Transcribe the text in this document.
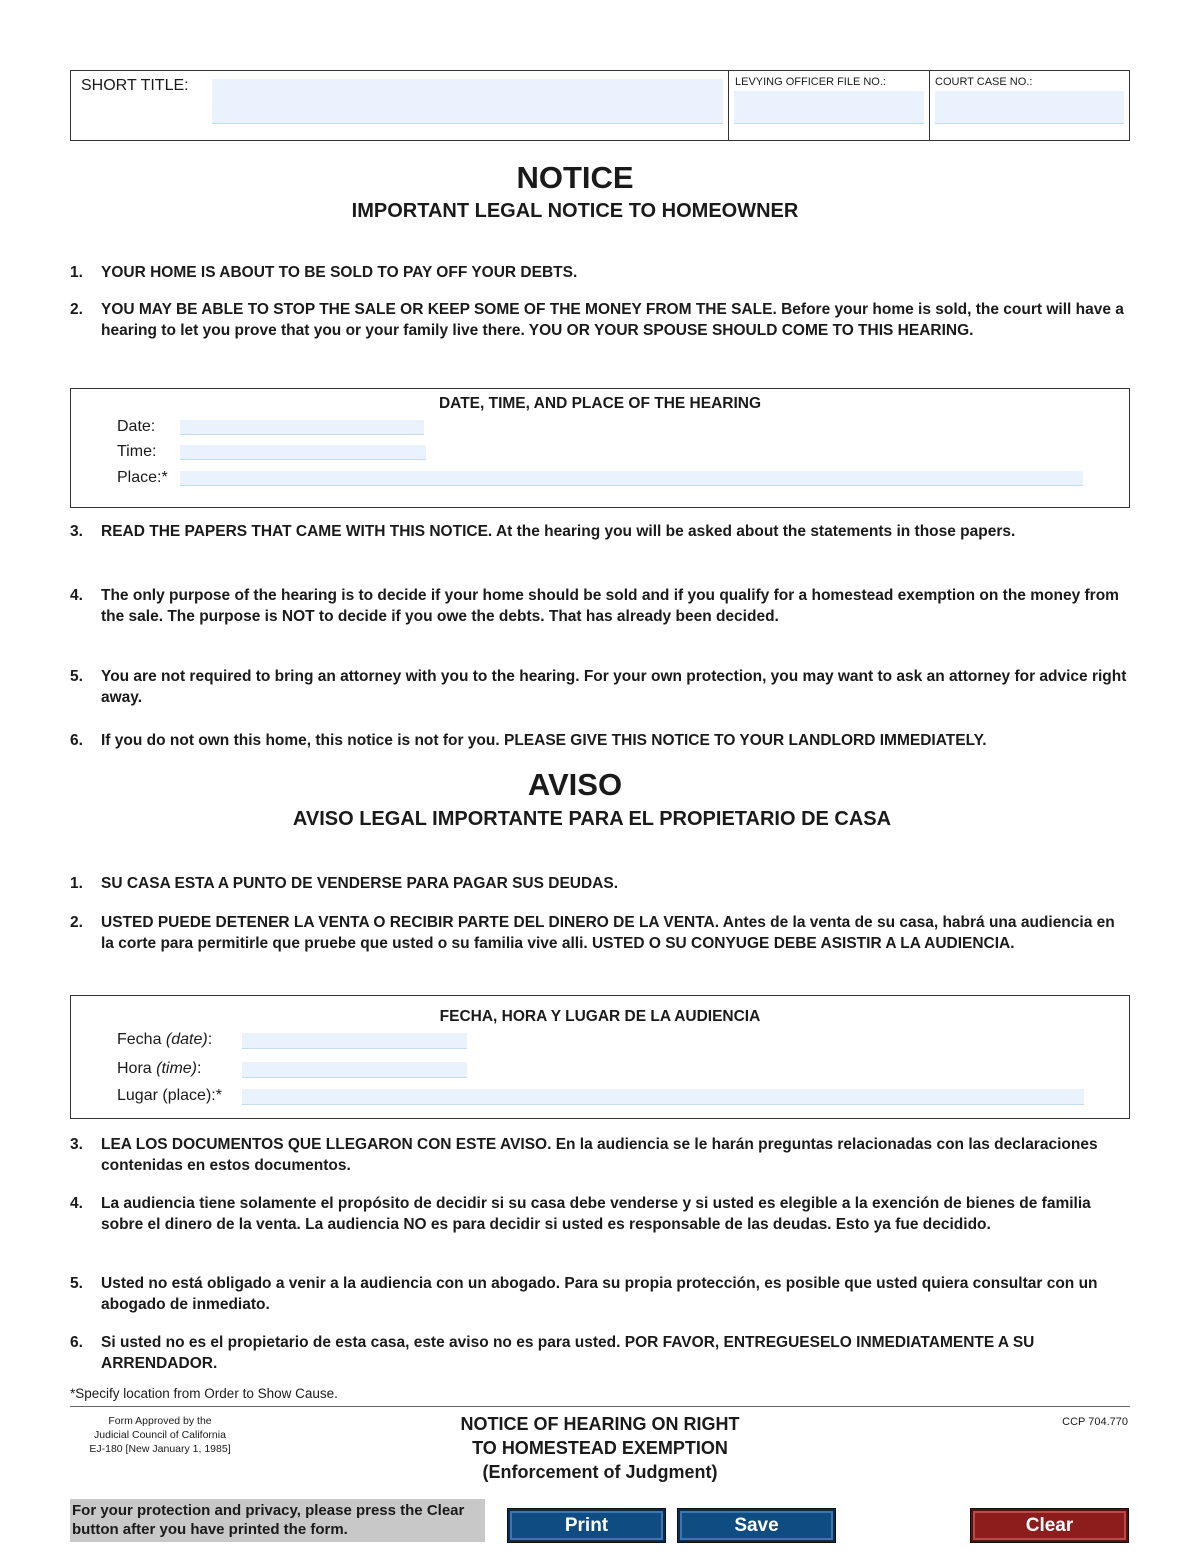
SHORT TITLE:	LEVYING OFFICER FILE NO.:	COURT CASE NO.:
NOTICE
IMPORTANT LEGAL NOTICE TO HOMEOWNER
1.	YOUR HOME IS ABOUT TO BE SOLD TO PAY OFF YOUR DEBTS.
2.	YOU MAY BE ABLE TO STOP THE SALE OR KEEP SOME OF THE MONEY FROM THE SALE. Before your home is sold, the court will have a hearing to let you prove that you or your family live there. YOU OR YOUR SPOUSE SHOULD COME TO THIS HEARING.
DATE, TIME, AND PLACE OF THE HEARING
Date:
Time:
Place:*
3.	READ THE PAPERS THAT CAME WITH THIS NOTICE. At the hearing you will be asked about the statements in those papers.
4.	The only purpose of the hearing is to decide if your home should be sold and if you qualify for a homestead exemption on the money from the sale. The purpose is NOT to decide if you owe the debts. That has already been decided.
5.	You are not required to bring an attorney with you to the hearing. For your own protection, you may want to ask an attorney for advice right away.
6.	If you do not own this home, this notice is not for you. PLEASE GIVE THIS NOTICE TO YOUR LANDLORD IMMEDIATELY.
AVISO
AVISO LEGAL IMPORTANTE PARA EL PROPIETARIO DE CASA
1.	SU CASA ESTA A PUNTO DE VENDERSE PARA PAGAR SUS DEUDAS.
2.	USTED PUEDE DETENER LA VENTA O RECIBIR PARTE DEL DINERO DE LA VENTA. Antes de la venta de su casa, habrá una audiencia en la corte para permitirle que pruebe que usted o su familia vive alli. USTED O SU CONYUGE DEBE ASISTIR A LA AUDIENCIA.
FECHA, HORA Y LUGAR DE LA AUDIENCIA
Fecha (date):
Hora (time):
Lugar (place):*
3.	LEA LOS DOCUMENTOS QUE LLEGARON CON ESTE AVISO. En la audiencia se le harán preguntas relacionadas con las declaraciones contenidas en estos documentos.
4.	La audiencia tiene solamente el propósito de decidir si su casa debe venderse y si usted es elegible a la exención de bienes de familia sobre el dinero de la venta. La audiencia NO es para decidir si usted es responsable de las deudas. Esto ya fue decidido.
5.	Usted no está obligado a venir a la audiencia con un abogado. Para su propia protección, es posible que usted quiera consultar con un abogado de inmediato.
6.	Si usted no es el propietario de esta casa, este aviso no es para usted. POR FAVOR, ENTREGUESELO INMEDIATAMENTE A SU ARRENDADOR.
*Specify location from Order to Show Cause.
Form Approved by the
Judicial Council of California
EJ-180 [New January 1, 1985]
NOTICE OF HEARING ON RIGHT
TO HOMESTEAD EXEMPTION
(Enforcement of Judgment)
CCP 704.770
For your protection and privacy, please press the Clear
button after you have printed the form.	Print	Save	Clear
